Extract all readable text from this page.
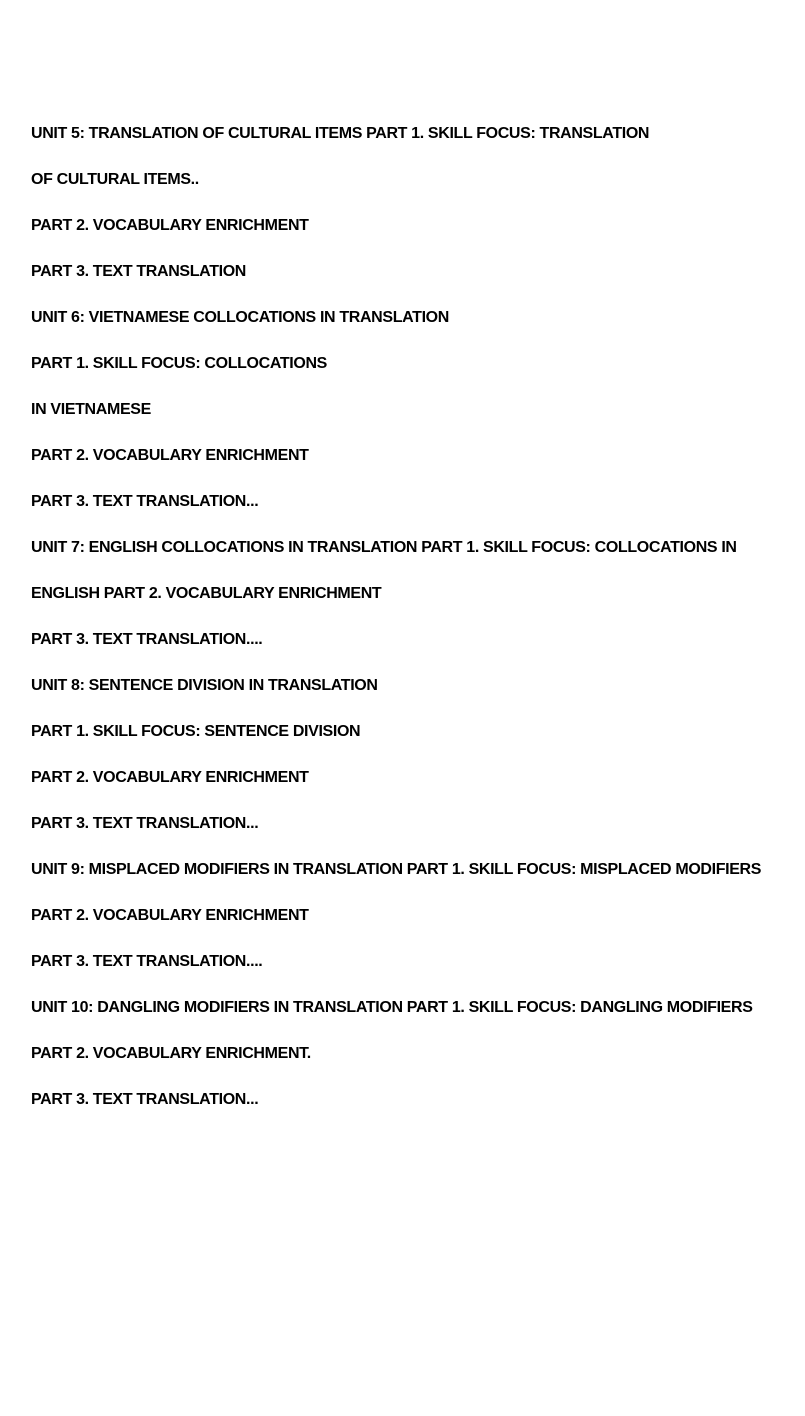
UNIT 5: TRANSLATION OF CULTURAL ITEMS PART 1. SKILL FOCUS: TRANSLATION
OF CULTURAL ITEMS..
PART 2. VOCABULARY ENRICHMENT
PART 3. TEXT TRANSLATION
UNIT 6: VIETNAMESE COLLOCATIONS IN TRANSLATION
PART 1. SKILL FOCUS: COLLOCATIONS
IN VIETNAMESE
PART 2. VOCABULARY ENRICHMENT
PART 3. TEXT TRANSLATION...
UNIT 7: ENGLISH COLLOCATIONS IN TRANSLATION PART 1. SKILL FOCUS: COLLOCATIONS IN
ENGLISH PART 2. VOCABULARY ENRICHMENT
PART 3. TEXT TRANSLATION....
UNIT 8: SENTENCE DIVISION IN TRANSLATION
PART 1. SKILL FOCUS: SENTENCE DIVISION
PART 2. VOCABULARY ENRICHMENT
PART 3. TEXT TRANSLATION...
UNIT 9: MISPLACED MODIFIERS IN TRANSLATION PART 1. SKILL FOCUS: MISPLACED MODIFIERS
PART 2. VOCABULARY ENRICHMENT
PART 3. TEXT TRANSLATION....
UNIT 10: DANGLING MODIFIERS IN TRANSLATION PART 1. SKILL FOCUS: DANGLING MODIFIERS
PART 2. VOCABULARY ENRICHMENT.
PART 3. TEXT TRANSLATION...
